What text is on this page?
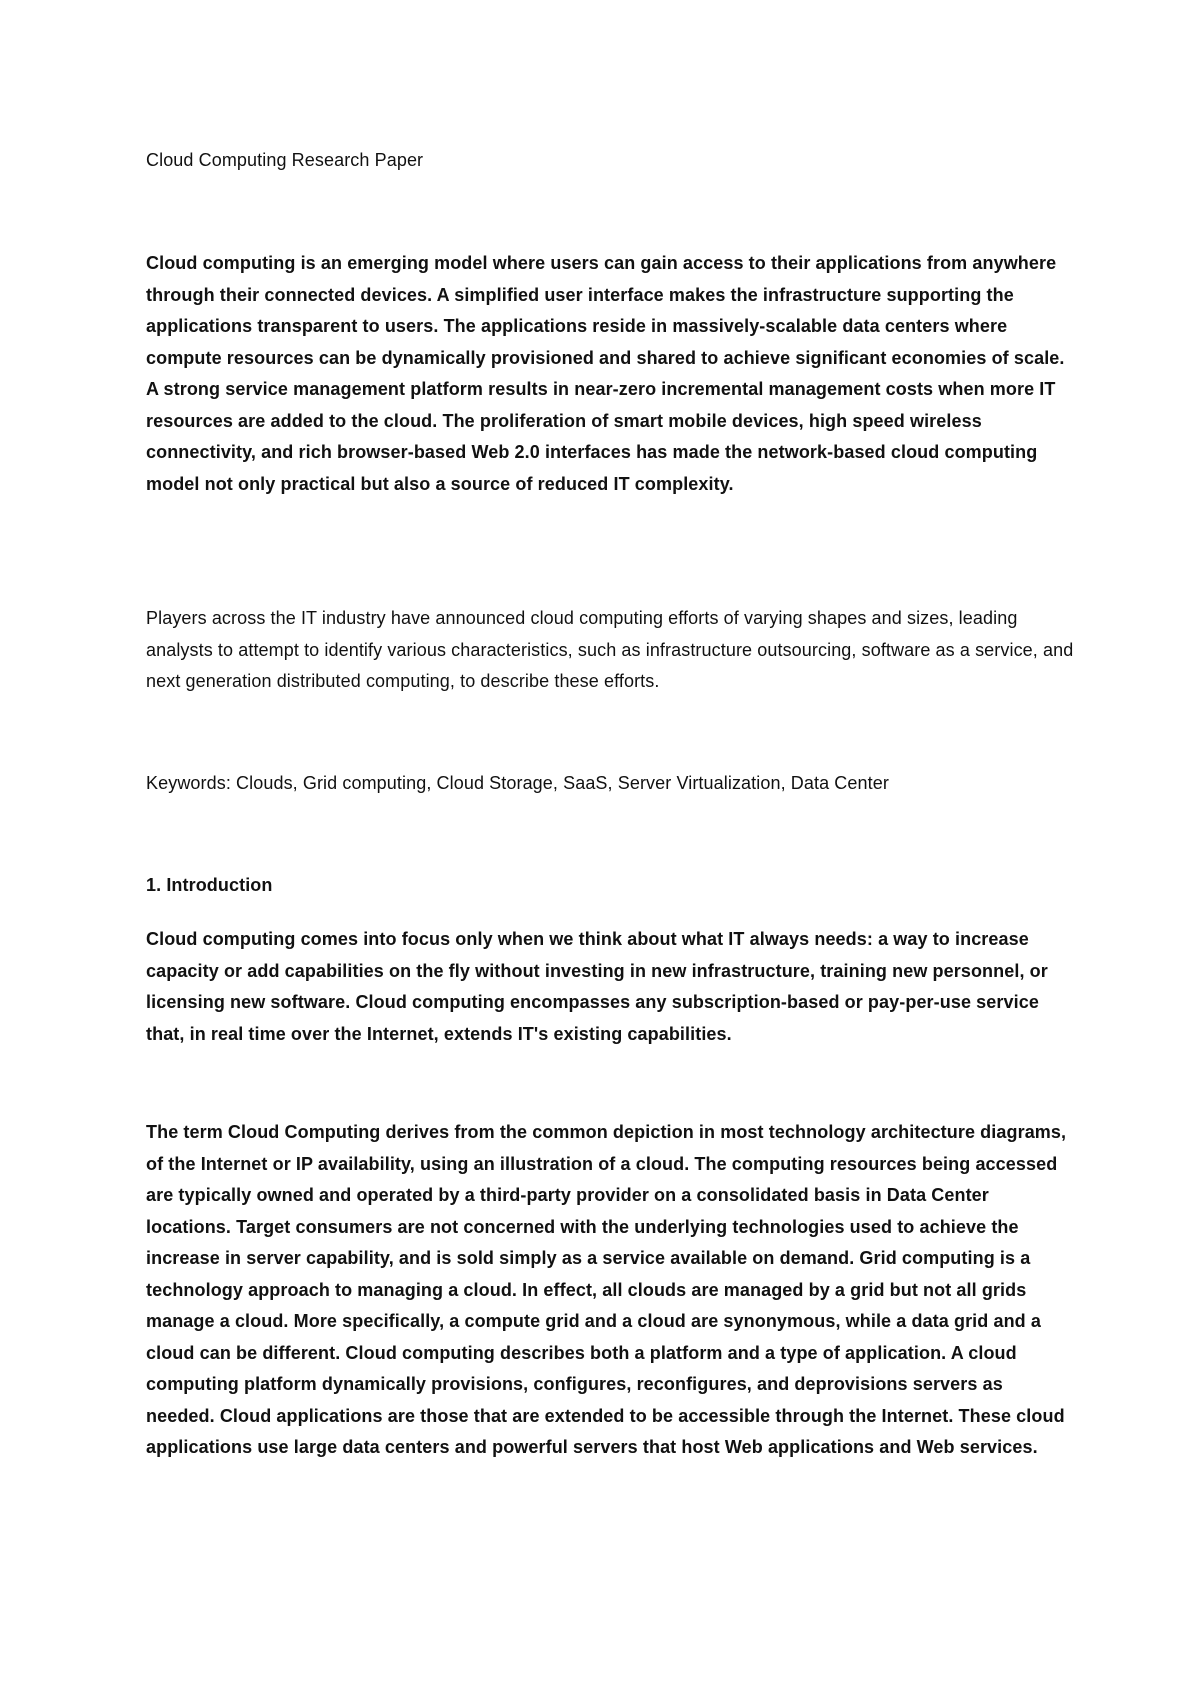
Cloud Computing Research Paper

Cloud computing is an emerging model where users can gain access to their applications from anywhere through their connected devices. A simplified user interface makes the infrastructure supporting the applications transparent to users. The applications reside in massively-scalable data centers where compute resources can be dynamically provisioned and shared to achieve significant economies of scale. A strong service management platform results in near-zero incremental management costs when more IT resources are added to the cloud. The proliferation of smart mobile devices, high speed wireless connectivity, and rich browser-based Web 2.0 interfaces has made the network-based cloud computing model not only practical but also a source of reduced IT complexity.

Players across the IT industry have announced cloud computing efforts of varying shapes and sizes, leading analysts to attempt to identify various characteristics, such as infrastructure outsourcing, software as a service, and next generation distributed computing, to describe these efforts.

Keywords: Clouds, Grid computing, Cloud Storage, SaaS, Server Virtualization, Data Center

1. Introduction

Cloud computing comes into focus only when we think about what IT always needs: a way to increase capacity or add capabilities on the fly without investing in new infrastructure, training new personnel, or licensing new software. Cloud computing encompasses any subscription-based or pay-per-use service that, in real time over the Internet, extends IT's existing capabilities.

The term Cloud Computing derives from the common depiction in most technology architecture diagrams, of the Internet or IP availability, using an illustration of a cloud. The computing resources being accessed are typically owned and operated by a third-party provider on a consolidated basis in Data Center locations. Target consumers are not concerned with the underlying technologies used to achieve the increase in server capability, and is sold simply as a service available on demand. Grid computing is a technology approach to managing a cloud. In effect, all clouds are managed by a grid but not all grids manage a cloud. More specifically, a compute grid and a cloud are synonymous, while a data grid and a cloud can be different. Cloud computing describes both a platform and a type of application. A cloud computing platform dynamically provisions, configures, reconfigures, and deprovisions servers as needed. Cloud applications are those that are extended to be accessible through the Internet. These cloud applications use large data centers and powerful servers that host Web applications and Web services.
